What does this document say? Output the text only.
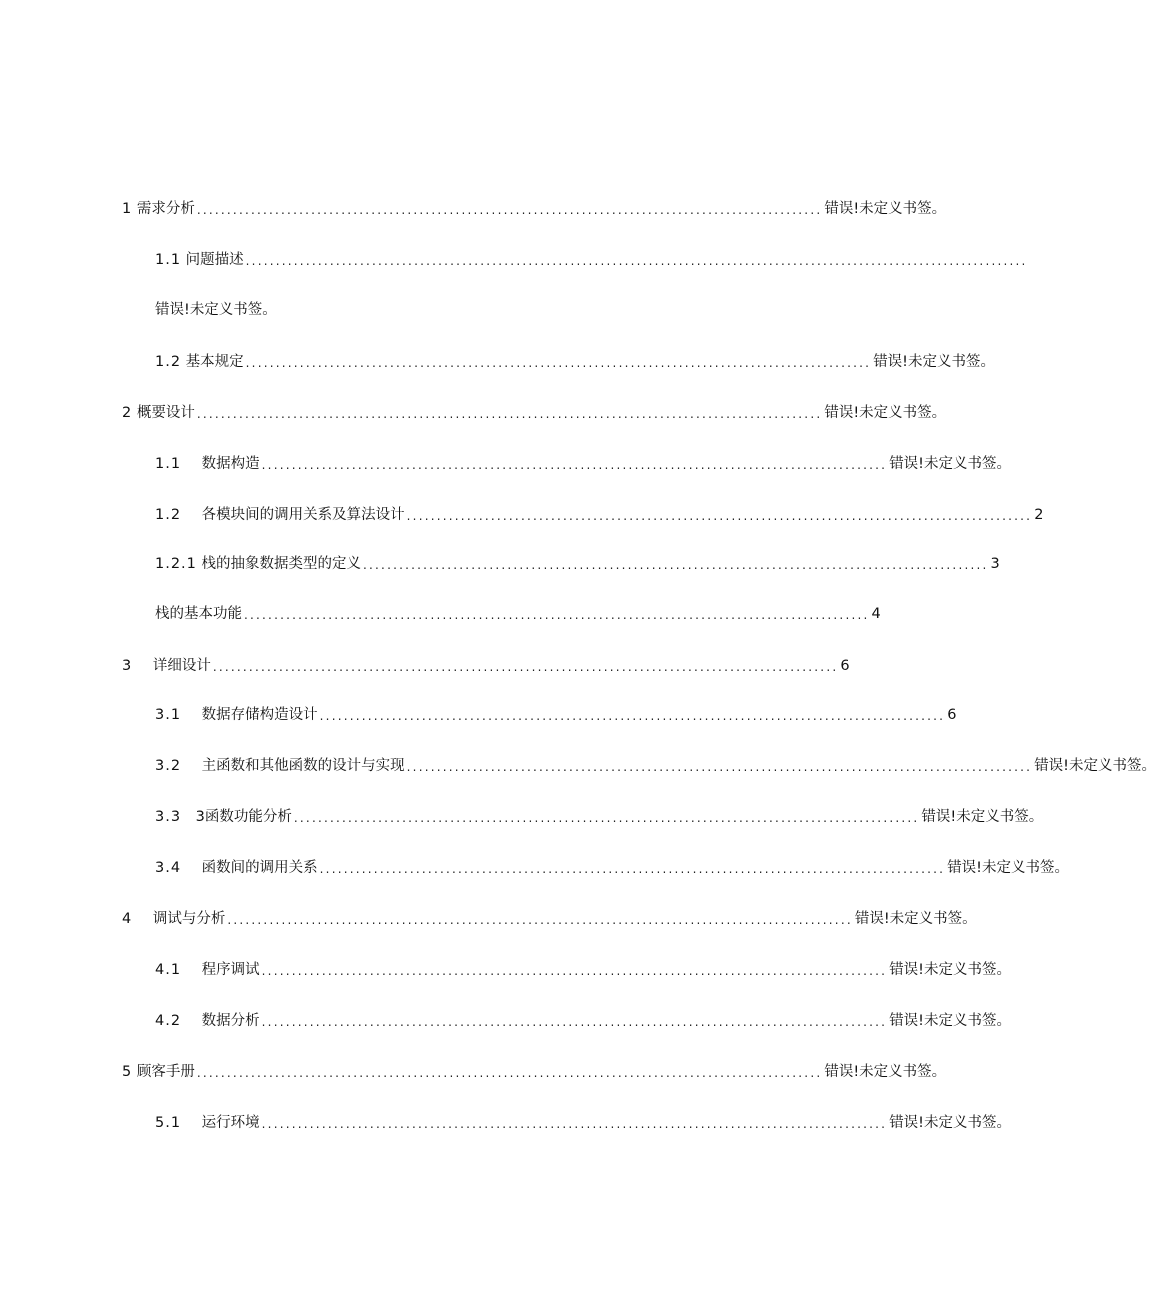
1 需求分析 ........................................................................................................ 错误!未定义书签。
1.1 问题描述 ..................................................................................................................................
错误!未定义书签。
1.2 基本规定 ........................................................................................................ 错误!未定义书签。
2 概要设计 ........................................................................................................ 错误!未定义书签。
1.1 数据构造 ........................................................................................................ 错误!未定义书签。
1.2 各模块间的调用关系及算法设计 ........................................................................................................ 2
1.2.1 栈的抽象数据类型的定义 ........................................................................................................ 3
栈的基本功能 ........................................................................................................ 4
3 详细设计 ........................................................................................................ 6
3.1 数据存储构造设计 ........................................................................................................ 6
3.2 主函数和其他函数的设计与实现 ........................................................................................................ 错误!未定义书签。
3.3 3函数功能分析 ........................................................................................................ 错误!未定义书签。
3.4 函数间的调用关系 ........................................................................................................ 错误!未定义书签。
4 调试与分析 ........................................................................................................ 错误!未定义书签。
4.1 程序调试 ........................................................................................................ 错误!未定义书签。
4.2 数据分析 ........................................................................................................ 错误!未定义书签。
5 顾客手册 ........................................................................................................ 错误!未定义书签。
5.1 运行环境 ........................................................................................................ 错误!未定义书签。
